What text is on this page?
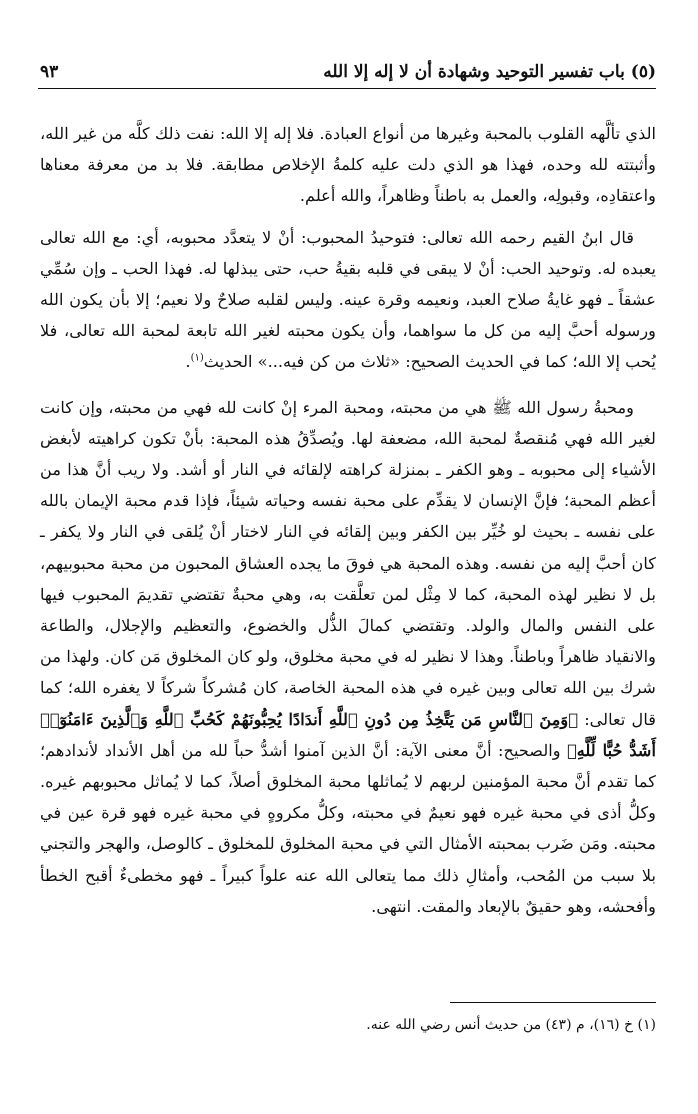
(٥) باب تفسير التوحيد وشهادة أن لا إله إلا الله
٩٣

الذي تألَّهه القلوب بالمحبة وغيرها من أنواع العبادة. فلا إله إلا الله: نفت ذلك كلَّه من غير الله، وأثبتته لله وحده، فهذا هو الذي دلت عليه كلمةُ الإخلاص مطابقة. فلا بد من معرفة معناها واعتقادِه، وقبولِه، والعمل به باطناً وظاهراً، والله أعلم.

قال ابنُ القيم رحمه الله تعالى: فتوحيدُ المحبوب: أنْ لا يتعدَّد محبوبه، أي: مع الله تعالى يعبده له. وتوحيد الحب: أنْ لا يبقى في قلبه بقيةُ حب، حتى يبذلها له. فهذا الحب ـ وإن سُمِّي عشقاً ـ فهو غايةُ صلاح العبد، ونعيمه وقرة عينه. وليس لقلبه صلاحٌ ولا نعيم؛ إلا بأن يكون الله ورسوله أحبَّ إليه من كل ما سواهما، وأن يكون محبته لغير الله تابعة لمحبة الله تعالى، فلا يُحب إلا الله؛ كما في الحديث الصحيح: «ثلاث من كن فيه...» الحديث$^{(١)}$.

ومحبةُ رسول الله ﷺ هي من محبته، ومحبة المرء إنْ كانت لله فهي من محبته، وإن كانت لغير الله فهي مُنقصةٌ لمحبة الله، مضعفة لها. ويُصدِّقُ هذه المحبة: بأنْ تكون كراهيته لأبغض الأشياء إلى محبوبه ـ وهو الكفر ـ بمنزلة كراهته لإلقائه في النار أو أشد. ولا ريب أنَّ هذا من أعظم المحبة؛ فإنَّ الإنسان لا يقدِّم على محبة نفسه وحياته شيئاً، فإذا قدم محبة الإيمان بالله على نفسه ـ بحيث لو خُيِّر بين الكفر وبين إلقائه في النار لاختار أنْ يُلقى في النار ولا يكفر ـ كان أحبَّ إليه من نفسه. وهذه المحبة هي فوقَ ما يجده العشاق المحبون من محبة محبوبيهم، بل لا نظير لهذه المحبة، كما لا مِثْل لمن تعلَّقت به، وهي محبةٌ تقتضي تقديمَ المحبوب فيها على النفس والمال والولد. وتقتضي كمالَ الذُّل والخضوع، والتعظيم والإجلال، والطاعة والانقياد ظاهراً وباطناً. وهذا لا نظير له في محبة مخلوق، ولو كان المخلوق مَن كان. ولهذا من شرك بين الله تعالى وبين غيره في هذه المحبة الخاصة، كان مُشركاً شركاً لا يغفره الله؛ كما قال تعالى: ﴿وَمِنَ ٱلنَّاسِ مَن يَتَّخِذُ مِن دُونِ ٱللَّهِ أَندَادًا يُحِبُّونَهُمْ كَحُبِّ ٱللَّهِ وَٱلَّذِينَ ءَامَنُوٓا۟ أَشَدُّ حُبًّا لِّلَّهِ﴾ والصحيح: أنَّ معنى الآية: أنَّ الذين آمنوا أشدُّ حباً لله من أهل الأنداد لأندادهم؛ كما تقدم أنَّ محبة المؤمنين لربهم لا يُماثلها محبة المخلوق أصلاً، كما لا يُماثل محبوبهم غيره. وكلُّ أذى في محبة غيره فهو نعيمٌ في محبته، وكلُّ مكروهٍ في محبة غيره فهو قرة عين في محبته. ومَن ضَرب بمحبته الأمثال التي في محبة المخلوق للمخلوق ـ كالوصل، والهجر والتجني بلا سبب من المُحب، وأمثالِ ذلك مما يتعالى الله عنه علواً كبيراً ـ فهو مخطىءٌ أقبح الخطأ وأفحشه، وهو حقيقٌ بالإبعاد والمقت. انتهى.

(١) خ (١٦)، م (٤٣) من حديث أنس رضي الله عنه.
